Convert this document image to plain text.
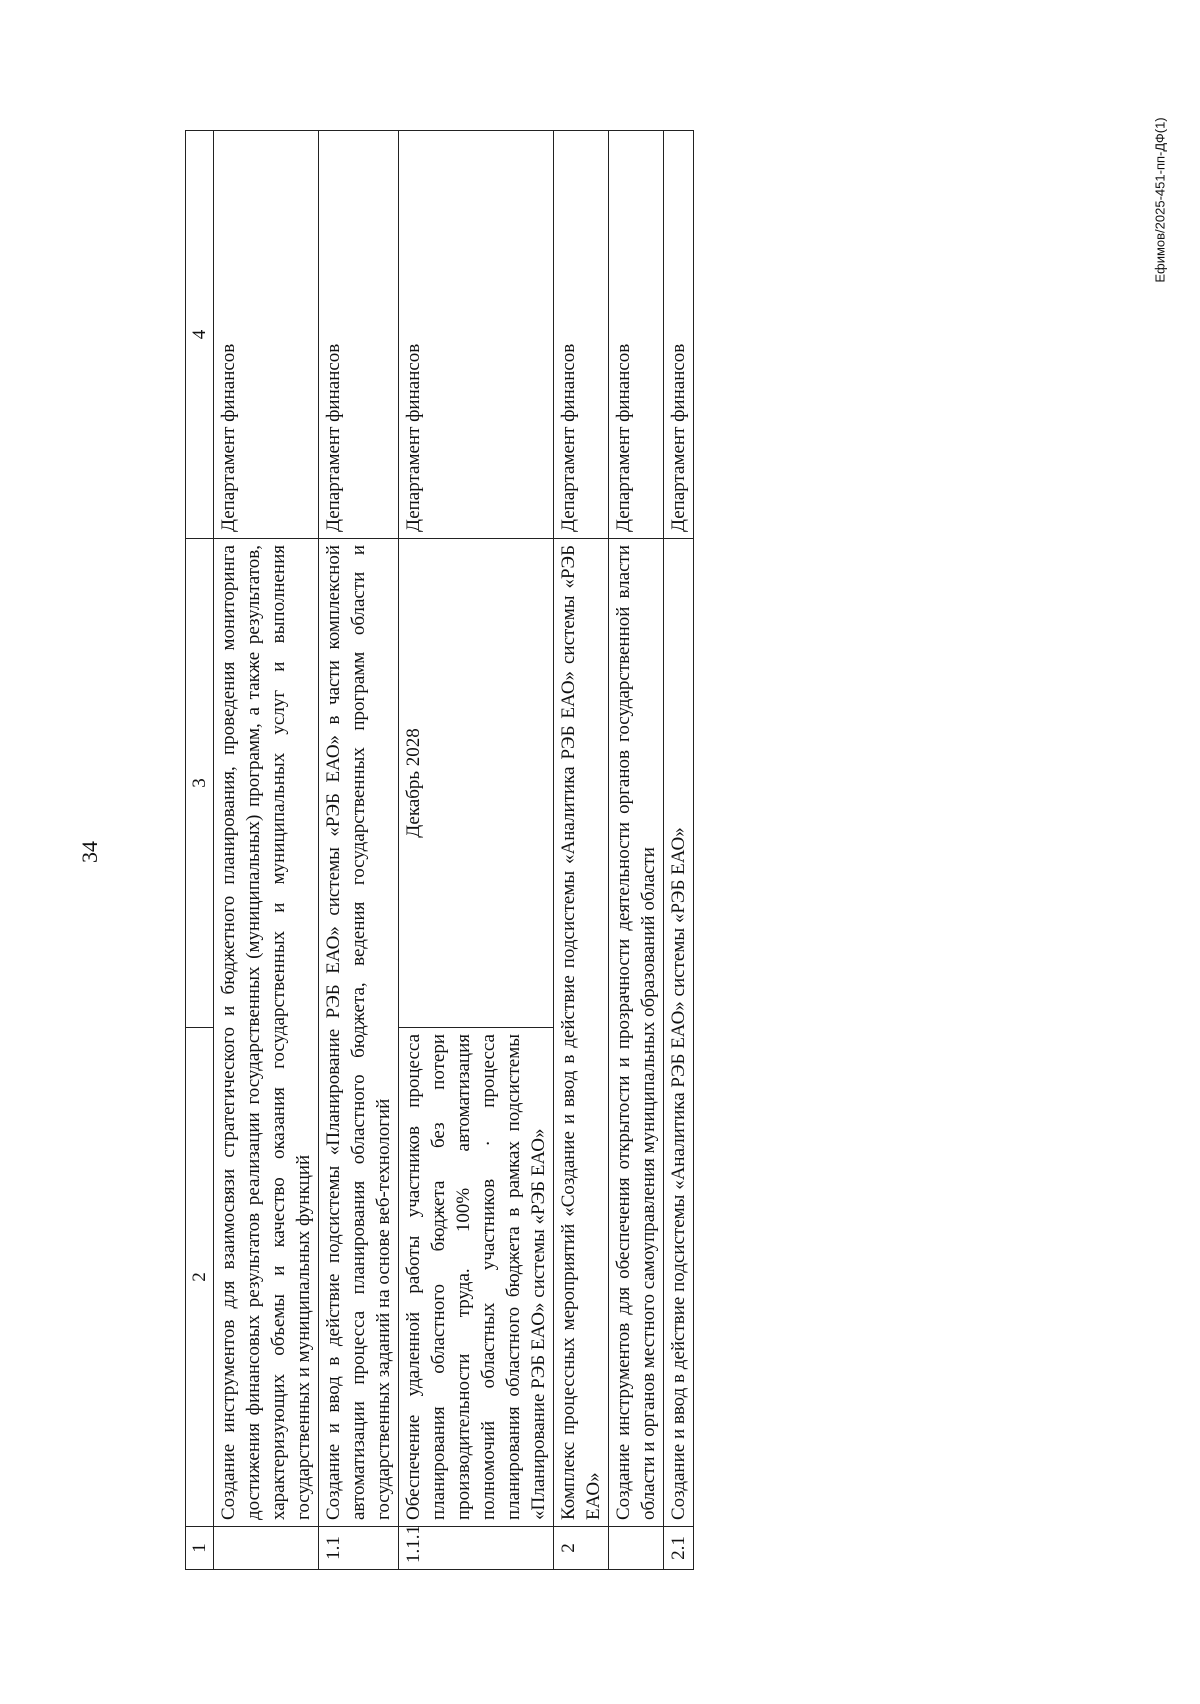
34
Ефимов/2025-451-пп-ДФ(1)
1	2	3	4
	Создание инструментов для взаимосвязи стратегического и бюджетного планирования, проведения мониторинга достижения финансовых результатов реализации государственных (муниципальных) программ, а также результатов, характеризующих объемы и качество оказания государственных и муниципальных услуг и выполнения государственных и муниципальных функций		Департамент финансов
1.1	Создание и ввод в действие подсистемы «Планирование РЭБ ЕАО» системы «РЭБ ЕАО» в части комплексной автоматизации процесса планирования областного бюджета, ведения государственных программ области и государственных заданий на основе веб-технологий		Департамент финансов
1.1.1	Обеспечение удаленной работы участников процесса планирования областного бюджета без потери производительности труда. 100% автоматизация полномочий областных участников · процесса планирования областного бюджета в рамках подсистемы «Планирование РЭБ ЕАО» системы «РЭБ ЕАО»	Декабрь 2028	Департамент финансов
2	Комплекс процессных мероприятий «Создание и ввод в действие подсистемы «Аналитика РЭБ ЕАО» системы «РЭБ ЕАО»		Департамент финансов
	Создание инструментов для обеспечения открытости и прозрачности деятельности органов государственной власти области и органов местного самоуправления муниципальных образований области		Департамент финансов
2.1	Создание и ввод в действие подсистемы «Аналитика РЭБ ЕАО» системы «РЭБ ЕАО»		Департамент финансов
